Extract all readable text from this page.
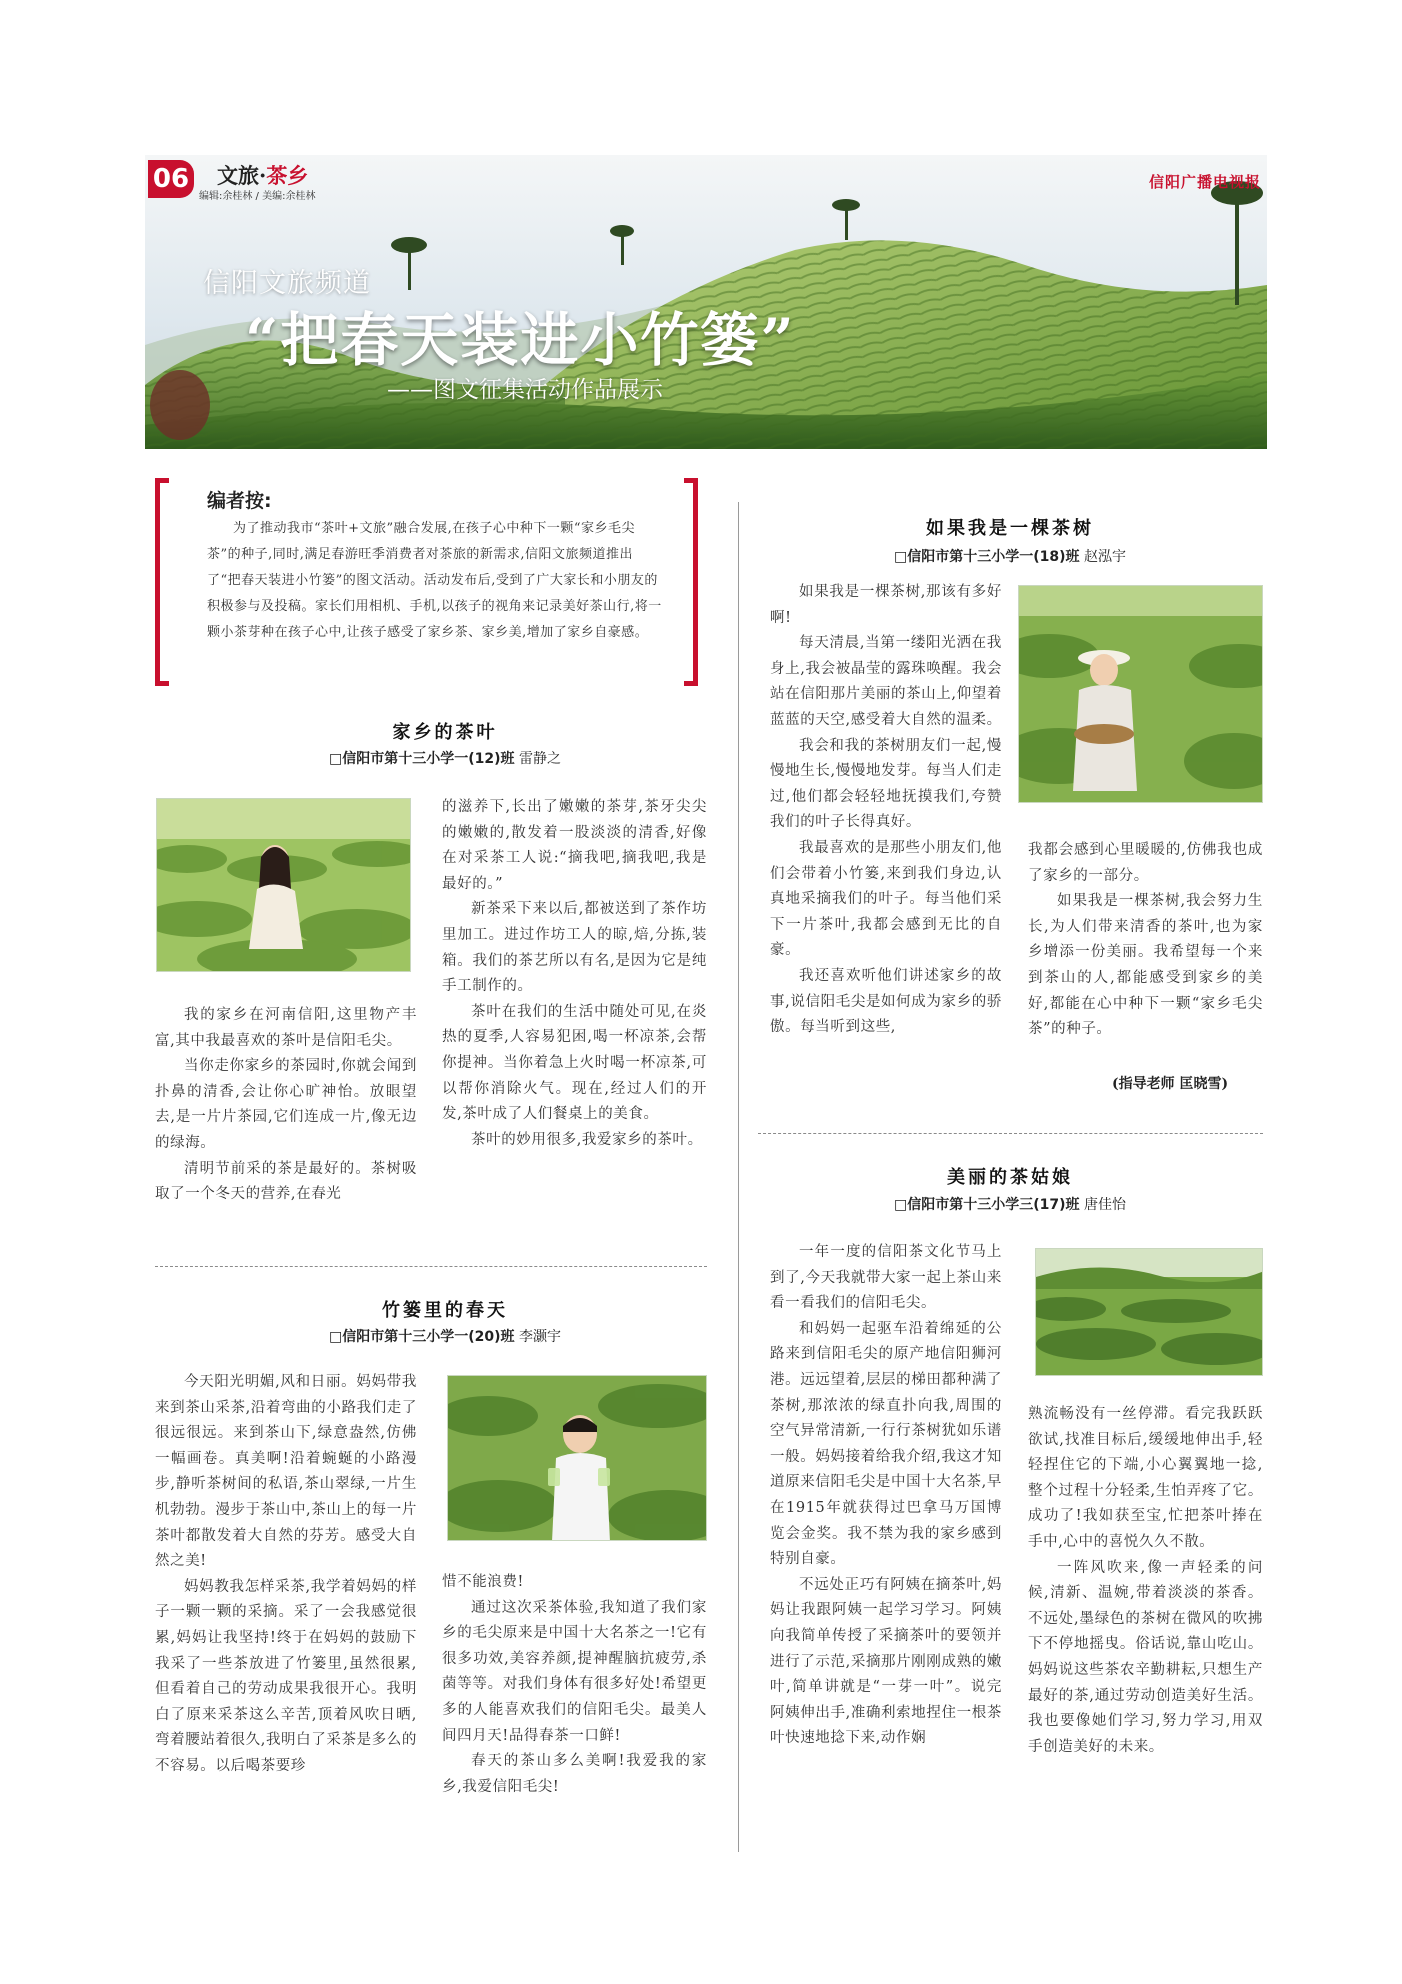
06 文旅·茶乡
编辑:余桂林 / 美编:余桂林
信阳广播电视报
信阳文旅频道
“把春天装进小竹篓”
——图文征集活动作品展示
编者按:
为了推动我市“茶叶+文旅”融合发展,在孩子心中种下一颗“家乡毛尖茶”的种子,同时,满足春游旺季消费者对茶旅的新需求,信阳文旅频道推出了“把春天装进小竹篓”的图文活动。活动发布后,受到了广大家长和小朋友的积极参与及投稿。家长们用相机、手机,以孩子的视角来记录美好茶山行,将一颗小茶芽种在孩子心中,让孩子感受了家乡茶、家乡美,增加了家乡自豪感。
家乡的茶叶
□信阳市第十三小学一(12)班 雷静之

我的家乡在河南信阳,这里物产丰富,其中我最喜欢的茶叶是信阳毛尖。

当你走你家乡的茶园时,你就会闻到扑鼻的清香,会让你心旷神怡。放眼望去,是一片片茶园,它们连成一片,像无边的绿海。

清明节前采的茶是最好的。茶树吸取了一个冬天的营养,在春光

的滋养下,长出了嫩嫩的茶芽,茶牙尖尖的嫩嫩的,散发着一股淡淡的清香,好像在对采茶工人说:“摘我吧,摘我吧,我是最好的。”

新茶采下来以后,都被送到了茶作坊里加工。进过作坊工人的晾,焙,分拣,装箱。我们的茶艺所以有名,是因为它是纯手工制作的。

茶叶在我们的生活中随处可见,在炎热的夏季,人容易犯困,喝一杯凉茶,会帮你提神。当你着急上火时喝一杯凉茶,可以帮你消除火气。现在,经过人们的开发,茶叶成了人们餐桌上的美食。

茶叶的妙用很多,我爱家乡的茶叶。

竹篓里的春天
□信阳市第十三小学一(20)班 李灏宇

今天阳光明媚,风和日丽。妈妈带我来到茶山采茶,沿着弯曲的小路我们走了很远很远。来到茶山下,绿意盎然,仿佛一幅画卷。真美啊!沿着蜿蜒的小路漫步,静听茶树间的私语,茶山翠绿,一片生机勃勃。漫步于茶山中,茶山上的每一片茶叶都散发着大自然的芬芳。感受大自然之美!

妈妈教我怎样采茶,我学着妈妈的样子一颗一颗的采摘。采了一会我感觉很累,妈妈让我坚持!终于在妈妈的鼓励下我采了一些茶放进了竹篓里,虽然很累,但看着自己的劳动成果我很开心。我明白了原来采茶这么辛苦,顶着风吹日晒,弯着腰站着很久,我明白了采茶是多么的不容易。以后喝茶要珍

惜不能浪费!

通过这次采茶体验,我知道了我们家乡的毛尖原来是中国十大名茶之一!它有很多功效,美容养颜,提神醒脑抗疲劳,杀菌等等。对我们身体有很多好处!希望更多的人能喜欢我们的信阳毛尖。最美人间四月天!品得春茶一口鲜!

春天的茶山多么美啊!我爱我的家乡,我爱信阳毛尖!

如果我是一棵茶树
□信阳市第十三小学一(18)班 赵泓宇

如果我是一棵茶树,那该有多好啊!

每天清晨,当第一缕阳光洒在我身上,我会被晶莹的露珠唤醒。我会站在信阳那片美丽的茶山上,仰望着蓝蓝的天空,感受着大自然的温柔。

我会和我的茶树朋友们一起,慢慢地生长,慢慢地发芽。每当人们走过,他们都会轻轻地抚摸我们,夸赞我们的叶子长得真好。

我最喜欢的是那些小朋友们,他们会带着小竹篓,来到我们身边,认真地采摘我们的叶子。每当他们采下一片茶叶,我都会感到无比的自豪。

我还喜欢听他们讲述家乡的故事,说信阳毛尖是如何成为家乡的骄傲。每当听到这些,

我都会感到心里暖暖的,仿佛我也成了家乡的一部分。

如果我是一棵茶树,我会努力生长,为人们带来清香的茶叶,也为家乡增添一份美丽。我希望每一个来到茶山的人,都能感受到家乡的美好,都能在心中种下一颗“家乡毛尖茶”的种子。

(指导老师 匡晓雪)
美丽的茶姑娘
□信阳市第十三小学三(17)班 唐佳怡

一年一度的信阳茶文化节马上到了,今天我就带大家一起上茶山来看一看我们的信阳毛尖。

和妈妈一起驱车沿着绵延的公路来到信阳毛尖的原产地信阳狮河港。远远望着,层层的梯田都种满了茶树,那浓浓的绿直扑向我,周围的空气异常清新,一行行茶树犹如乐谱一般。妈妈接着给我介绍,我这才知道原来信阳毛尖是中国十大名茶,早在1915年就获得过巴拿马万国博览会金奖。我不禁为我的家乡感到特别自豪。

不远处正巧有阿姨在摘茶叶,妈妈让我跟阿姨一起学习学习。阿姨向我简单传授了采摘茶叶的要领并进行了示范,采摘那片刚刚成熟的嫩叶,简单讲就是“一芽一叶”。说完阿姨伸出手,准确利索地捏住一根茶叶快速地捻下来,动作娴

熟流畅没有一丝停滞。看完我跃跃欲试,找准目标后,缓缓地伸出手,轻轻捏住它的下端,小心翼翼地一捻,整个过程十分轻柔,生怕弄疼了它。成功了!我如获至宝,忙把茶叶捧在手中,心中的喜悦久久不散。

一阵风吹来,像一声轻柔的问候,清新、温婉,带着淡淡的茶香。不远处,墨绿色的茶树在微风的吹拂下不停地摇曳。俗话说,靠山吃山。妈妈说这些茶农辛勤耕耘,只想生产最好的茶,通过劳动创造美好生活。我也要像她们学习,努力学习,用双手创造美好的未来。
